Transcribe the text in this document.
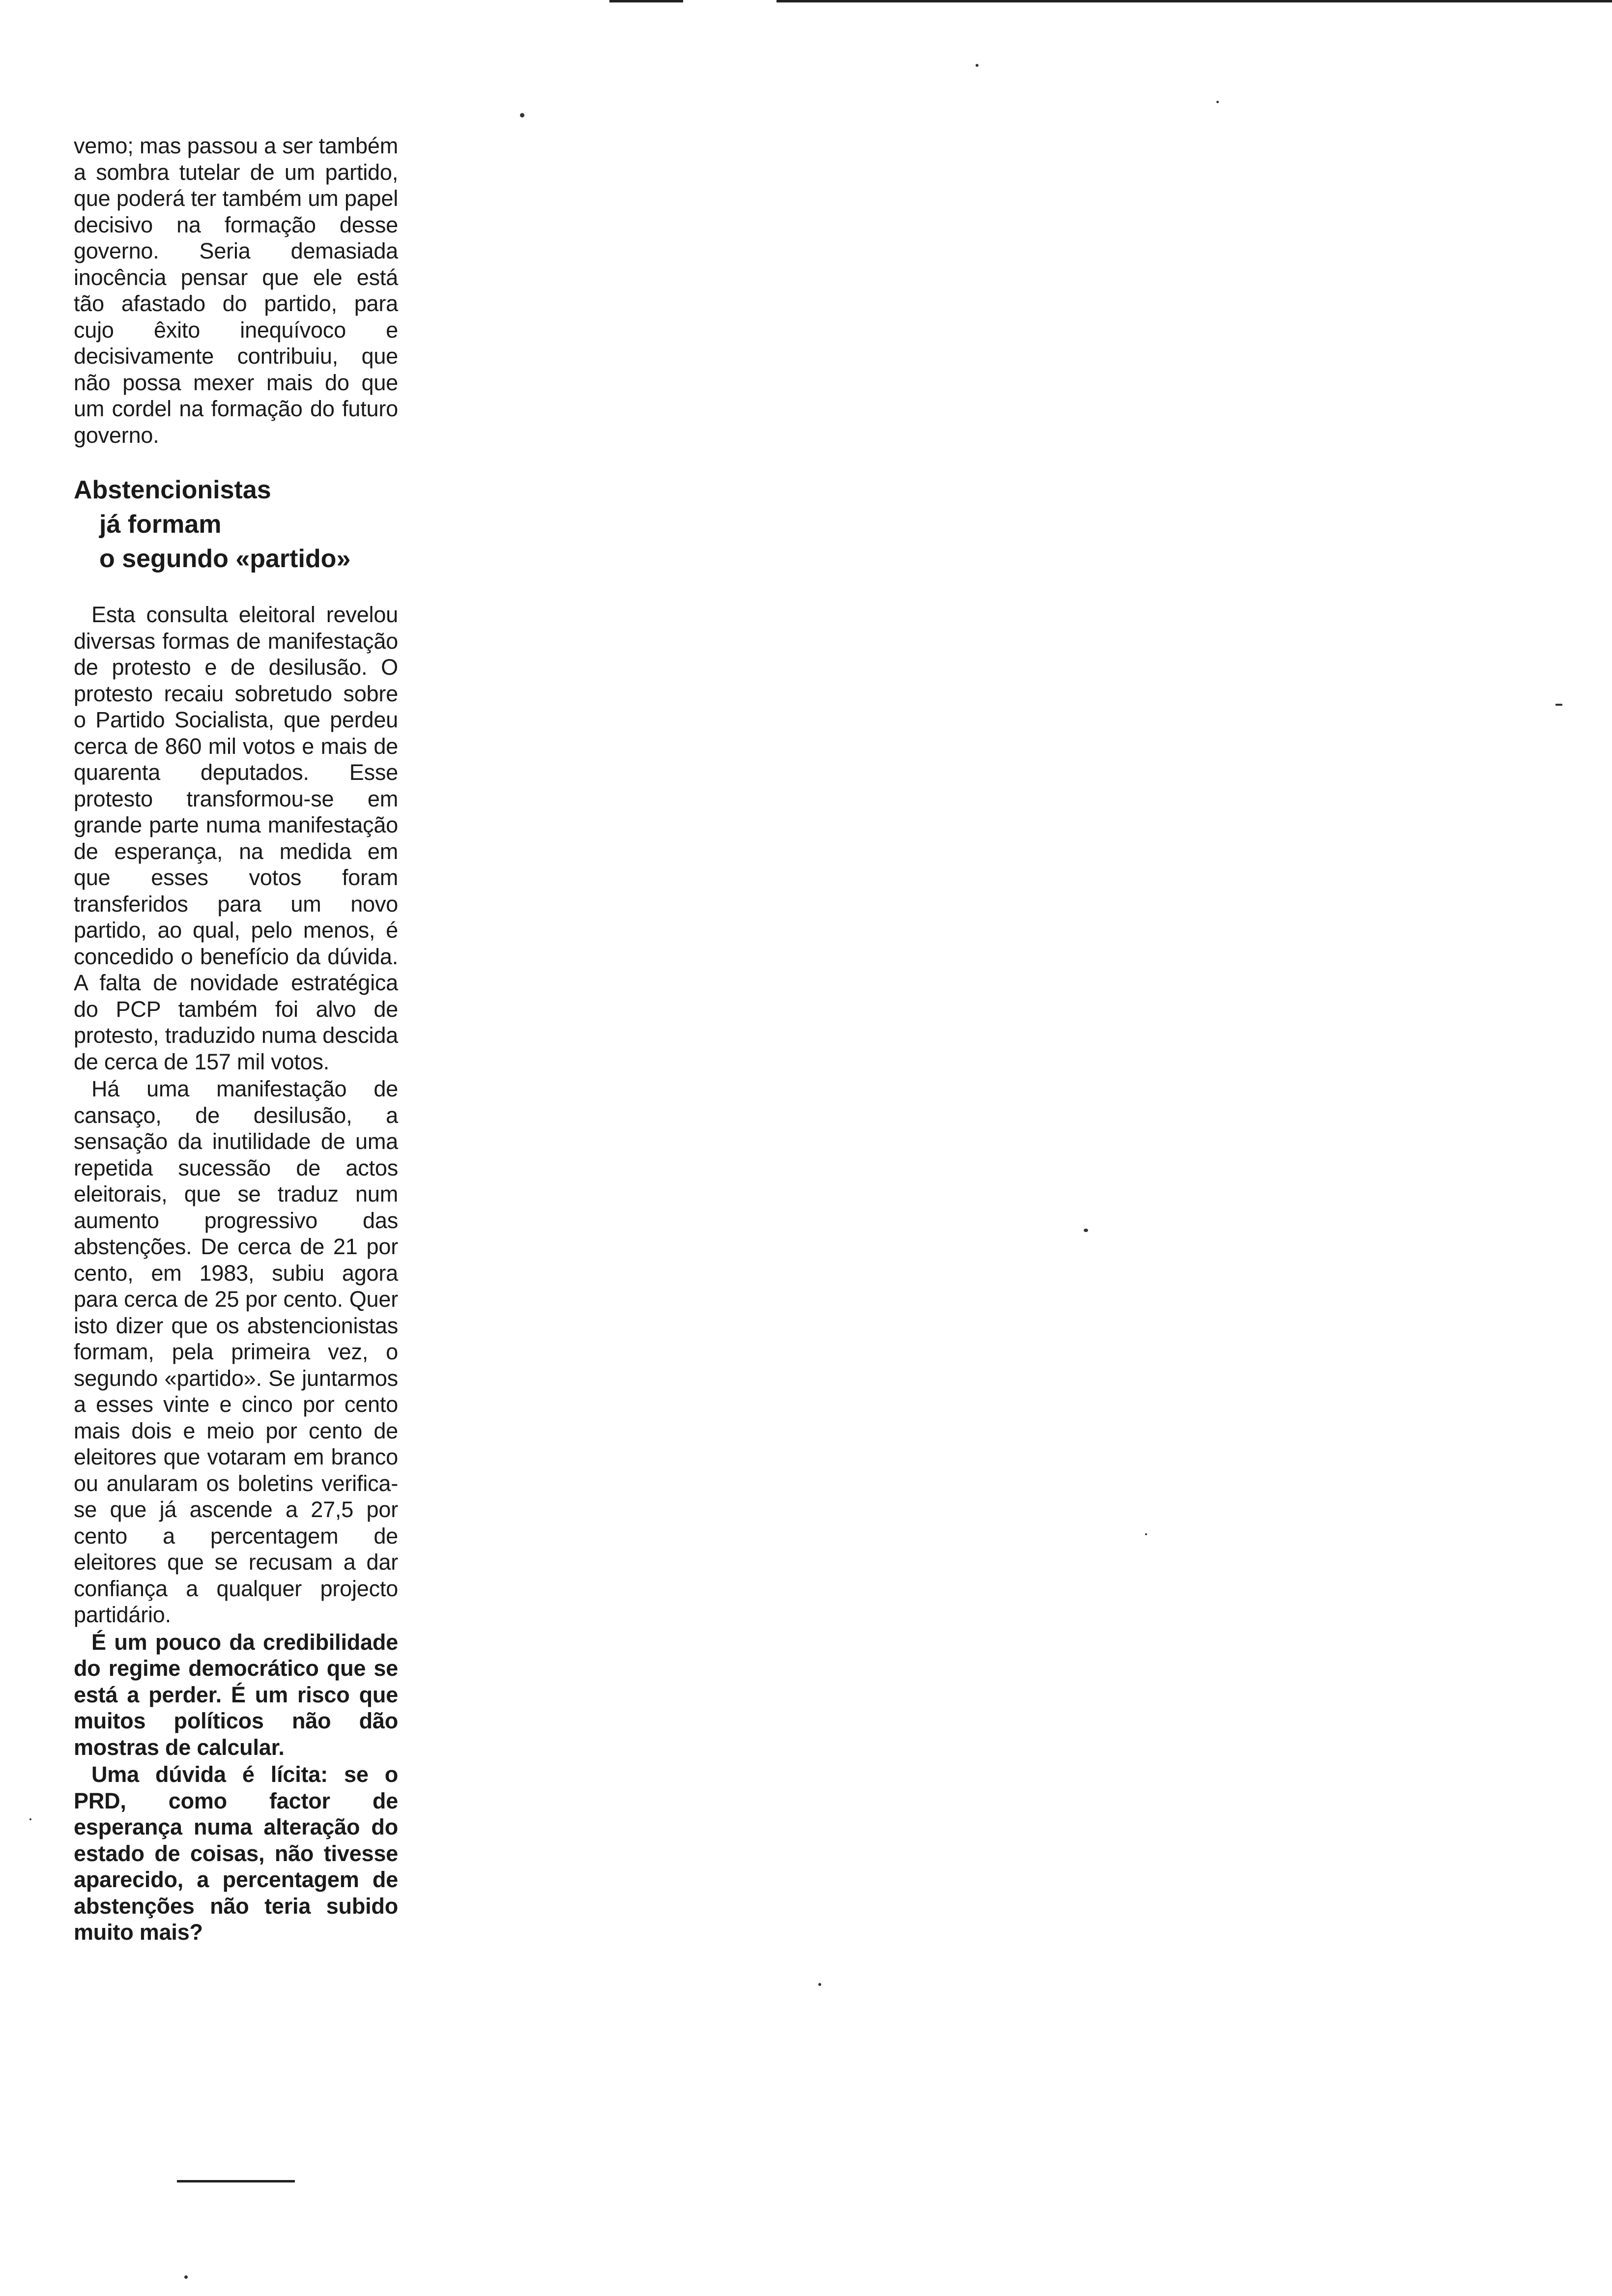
vemo; mas passou a ser também a sombra tutelar de um partido, que poderá ter também um papel decisivo na formação desse governo. Seria demasiada inocência pensar que ele está tão afastado do partido, para cujo êxito inequívoco e decisivamente contribuiu, que não possa mexer mais do que um cordel na formação do futuro governo.

Abstencionistas
já formam
o segundo «partido»

Esta consulta eleitoral revelou diversas formas de manifestação de protesto e de desilusão. O protesto recaiu sobretudo sobre o Partido Socialista, que perdeu cerca de 860 mil votos e mais de quarenta deputados. Esse protesto transformou-se em grande parte numa manifestação de esperança, na medida em que esses votos foram transferidos para um novo partido, ao qual, pelo menos, é concedido o benefício da dúvida. A falta de novidade estratégica do PCP também foi alvo de protesto, traduzido numa descida de cerca de 157 mil votos.

Há uma manifestação de cansaço, de desilusão, a sensação da inutilidade de uma repetida sucessão de actos eleitorais, que se traduz num aumento progressivo das abstenções. De cerca de 21 por cento, em 1983, subiu agora para cerca de 25 por cento. Quer isto dizer que os abstencionistas formam, pela primeira vez, o segundo «partido». Se juntarmos a esses vinte e cinco por cento mais dois e meio por cento de eleitores que votaram em branco ou anularam os boletins verifica-se que já ascende a 27,5 por cento a percentagem de eleitores que se recusam a dar confiança a qualquer projecto partidário.

É um pouco da credibilidade do regime democrático que se está a perder. É um risco que muitos políticos não dão mostras de calcular.

Uma dúvida é lícita: se o PRD, como factor de esperança numa alteração do estado de coisas, não tivesse aparecido, a percentagem de abstenções não teria subido muito mais?
